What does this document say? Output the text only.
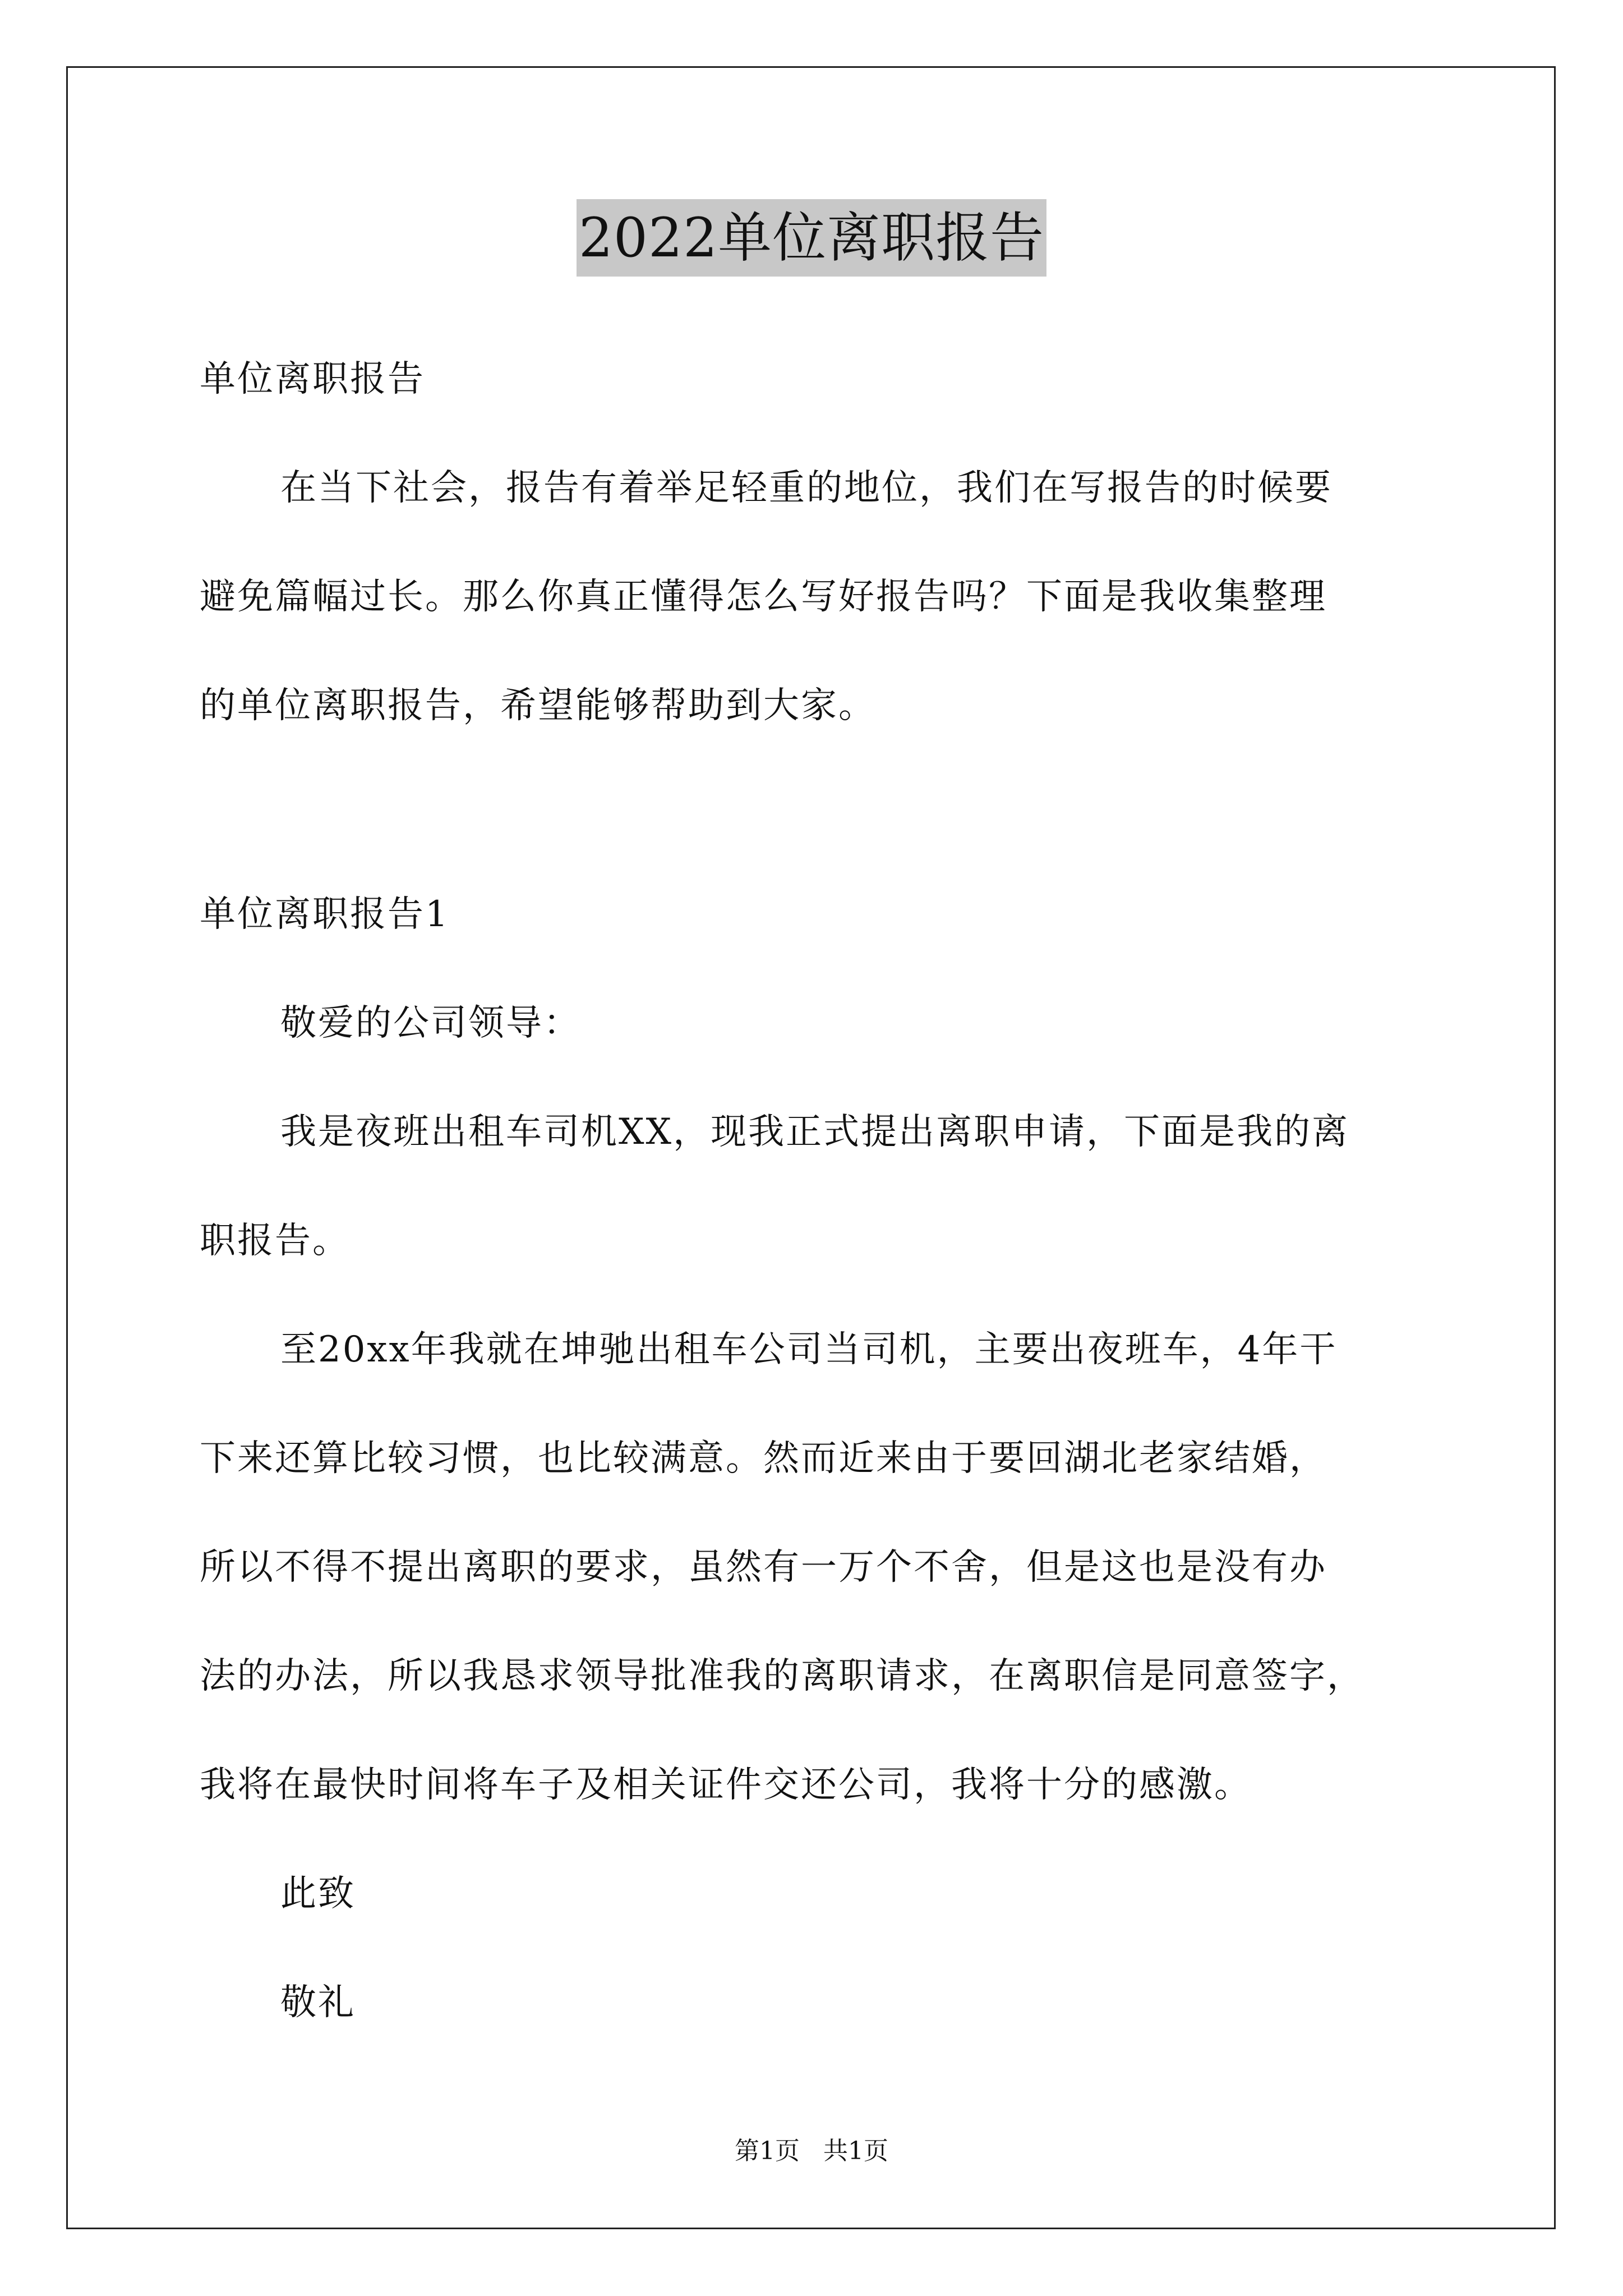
2022单位离职报告
单位离职报告
在当下社会，报告有着举足轻重的地位，我们在写报告的时候要
避免篇幅过长。那么你真正懂得怎么写好报告吗？下面是我收集整理
的单位离职报告，希望能够帮助到大家。
单位离职报告1
敬爱的公司领导：
我是夜班出租车司机XX，现我正式提出离职申请，下面是我的离
职报告。
至20xx年我就在坤驰出租车公司当司机，主要出夜班车，4年干
下来还算比较习惯，也比较满意。然而近来由于要回湖北老家结婚，
所以不得不提出离职的要求，虽然有一万个不舍，但是这也是没有办
法的办法，所以我恳求领导批准我的离职请求，在离职信是同意签字，
我将在最快时间将车子及相关证件交还公司，我将十分的感激。
此致
敬礼
第1页 共1页
